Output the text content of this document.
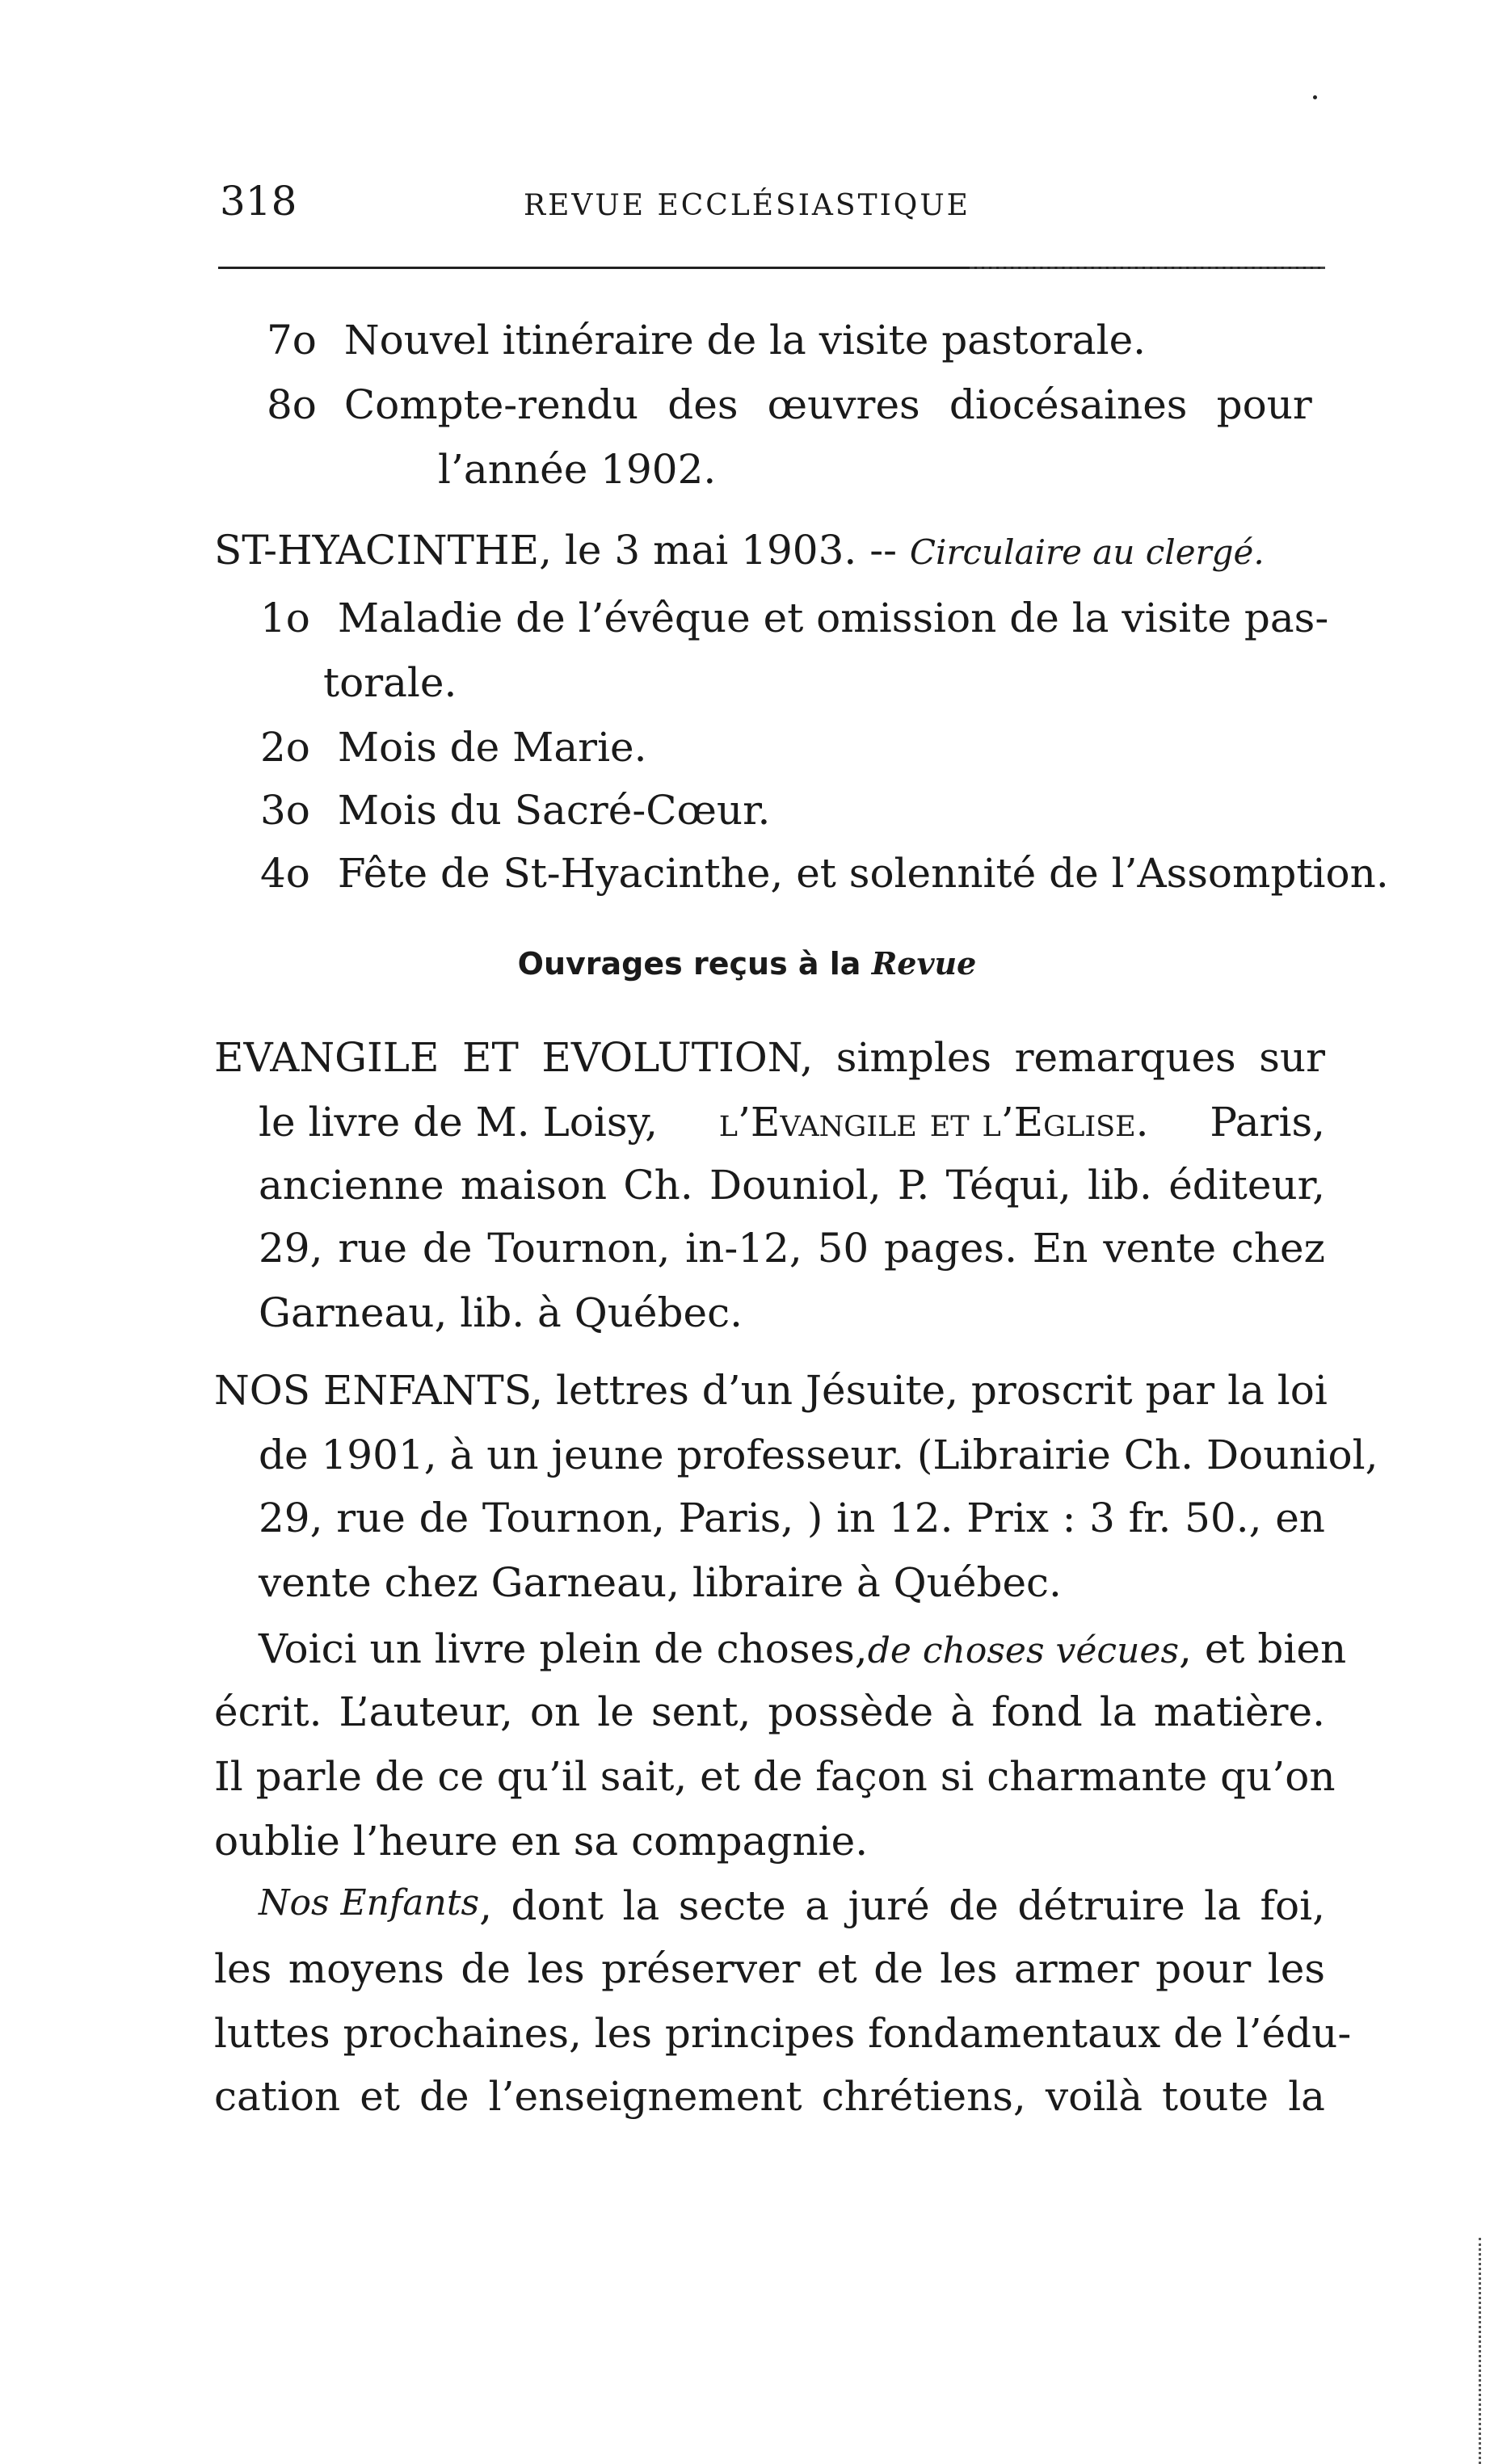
318	REVUE ECCLÉSIASTIQUE
7o Nouvel itinéraire de la visite pastorale.
8o Compte-rendu des œuvres diocésaines pour
l’année 1902.
ST-HYACINTHE, le 3 mai 1903. -- Circulaire au clergé.
1o Maladie de l’évêque et omission de la visite pas-
torale.
2o Mois de Marie.
3o Mois du Sacré-Cœur.
4o Fête de St-Hyacinthe, et solennité de l’Assomption.
Ouvrages reçus à la Revue
EVANGILE ET EVOLUTION, simples remarques sur
le livre de M. Loisy, l’Evangile et l’Eglise. Paris,
ancienne maison Ch. Douniol, P. Téqui, lib. éditeur,
29, rue de Tournon, in-12, 50 pages. En vente chez
Garneau, lib. à Québec.
NOS ENFANTS, lettres d’un Jésuite, proscrit par la loi
de 1901, à un jeune professeur. (Librairie Ch. Douniol,
29, rue de Tournon, Paris, ) in 12. Prix : 3 fr. 50., en
vente chez Garneau, libraire à Québec.
Voici un livre plein de choses, de choses vécues, et bien
écrit. L’auteur, on le sent, possède à fond la matière.
Il parle de ce qu’il sait, et de façon si charmante qu’on
oublie l’heure en sa compagnie.
Nos Enfants , dont la secte a juré de détruire la foi,
les moyens de les préserver et de les armer pour les
luttes prochaines, les principes fondamentaux de l’édu-
cation et de l’enseignement chrétiens, voilà toute la
